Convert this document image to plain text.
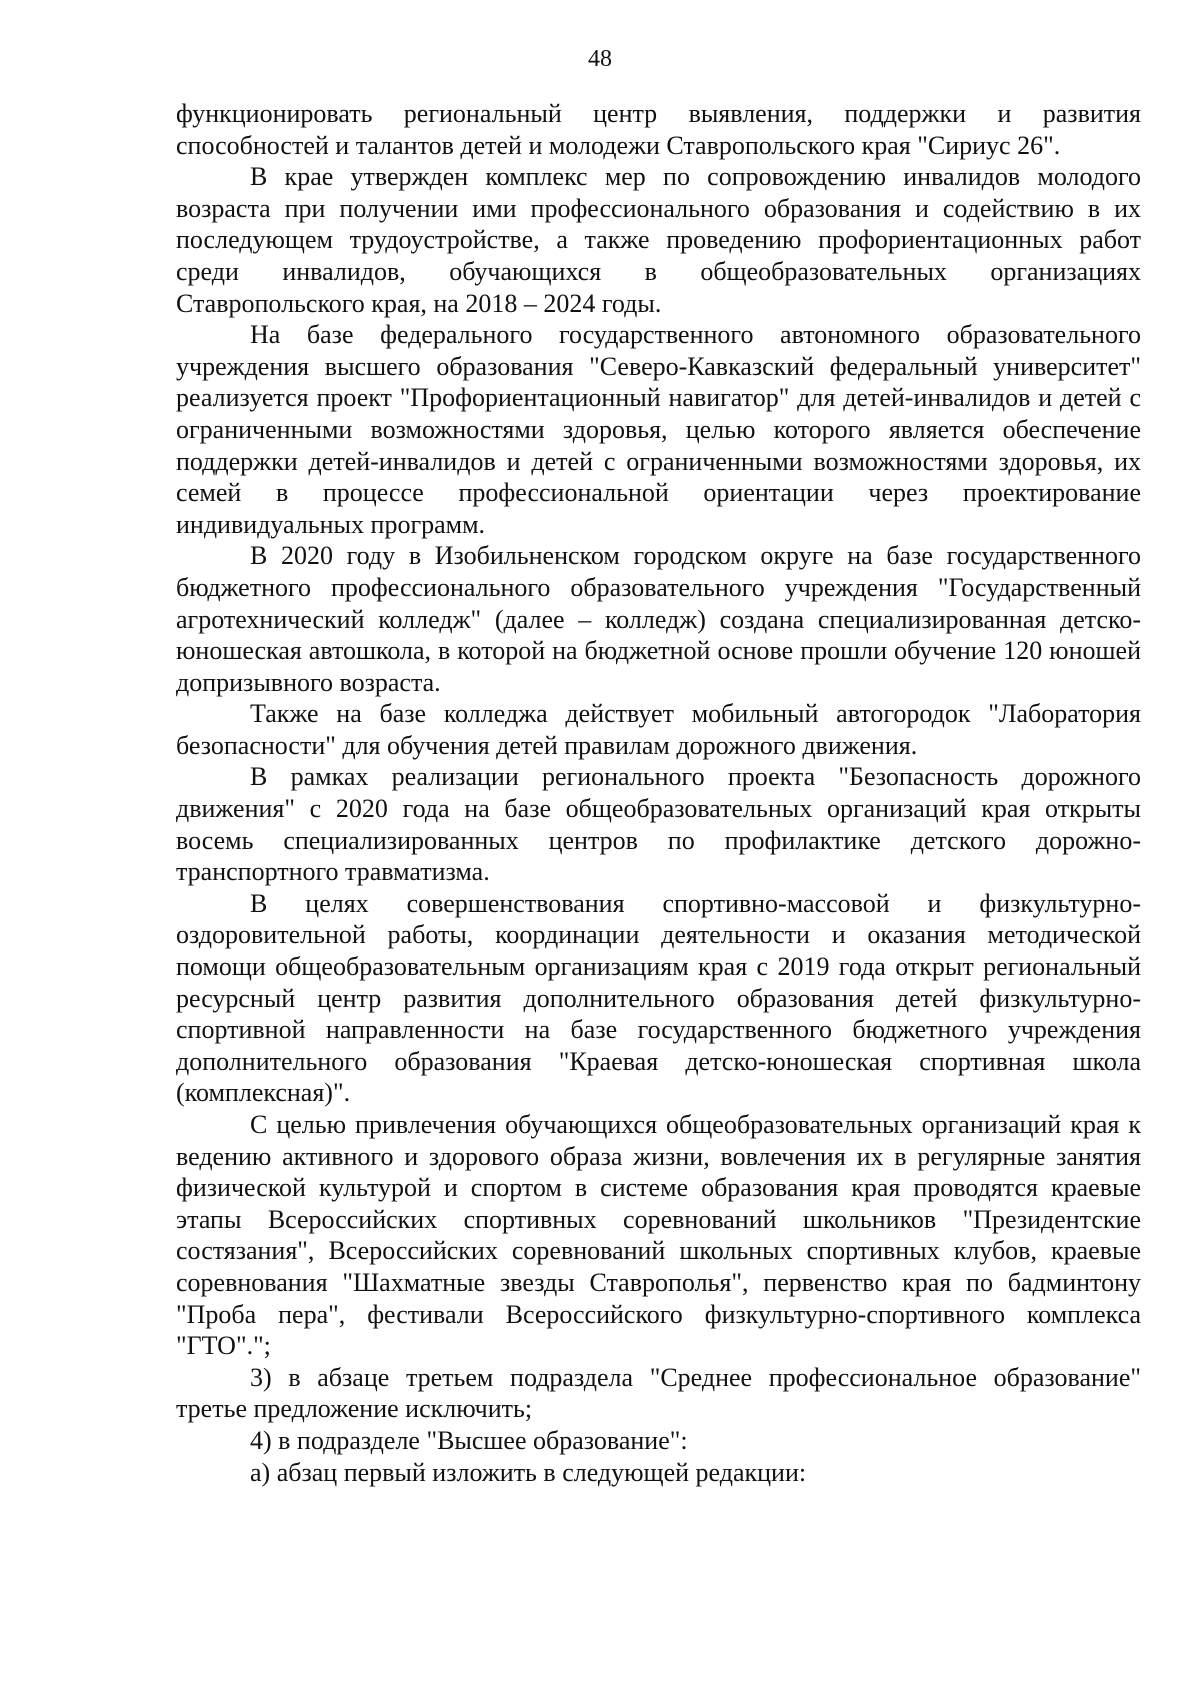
48

функционировать региональный центр выявления, поддержки и развития способностей и талантов детей и молодежи Ставропольского края "Сириус 26".

В крае утвержден комплекс мер по сопровождению инвалидов молодого возраста при получении ими профессионального образования и содействию в их последующем трудоустройстве, а также проведению профориентационных работ среди инвалидов, обучающихся в общеобразовательных организациях Ставропольского края, на 2018 – 2024 годы.

На базе федерального государственного автономного образовательного учреждения высшего образования "Северо-Кавказский федеральный университет" реализуется проект "Профориентационный навигатор" для детей-инвалидов и детей с ограниченными возможностями здоровья, целью которого является обеспечение поддержки детей-инвалидов и детей с ограниченными возможностями здоровья, их семей в процессе профессиональной ориентации через проектирование индивидуальных программ.

В 2020 году в Изобильненском городском округе на базе государственного бюджетного профессионального образовательного учреждения "Государственный агротехнический колледж" (далее – колледж) создана специализированная детско-юношеская автошкола, в которой на бюджетной основе прошли обучение 120 юношей допризывного возраста.

Также на базе колледжа действует мобильный автогородок "Лаборатория безопасности" для обучения детей правилам дорожного движения.

В рамках реализации регионального проекта "Безопасность дорожного движения" с 2020 года на базе общеобразовательных организаций края открыты восемь специализированных центров по профилактике детского дорожно-транспортного травматизма.

В целях совершенствования спортивно-массовой и физкультурно-оздоровительной работы, координации деятельности и оказания методической помощи общеобразовательным организациям края с 2019 года открыт региональный ресурсный центр развития дополнительного образования детей физкультурно-спортивной направленности на базе государственного бюджетного учреждения дополнительного образования "Краевая детско-юношеская спортивная школа (комплексная)".

С целью привлечения обучающихся общеобразовательных организаций края к ведению активного и здорового образа жизни, вовлечения их в регулярные занятия физической культурой и спортом в системе образования края проводятся краевые этапы Всероссийских спортивных соревнований школьников "Президентские состязания", Всероссийских соревнований школьных спортивных клубов, краевые соревнования "Шахматные звезды Ставрополья", первенство края по бадминтону "Проба пера", фестивали Всероссийского физкультурно-спортивного комплекса "ГТО".";

3) в абзаце третьем подраздела "Среднее профессиональное образование" третье предложение исключить;

4) в подразделе "Высшее образование":

а) абзац первый изложить в следующей редакции:
